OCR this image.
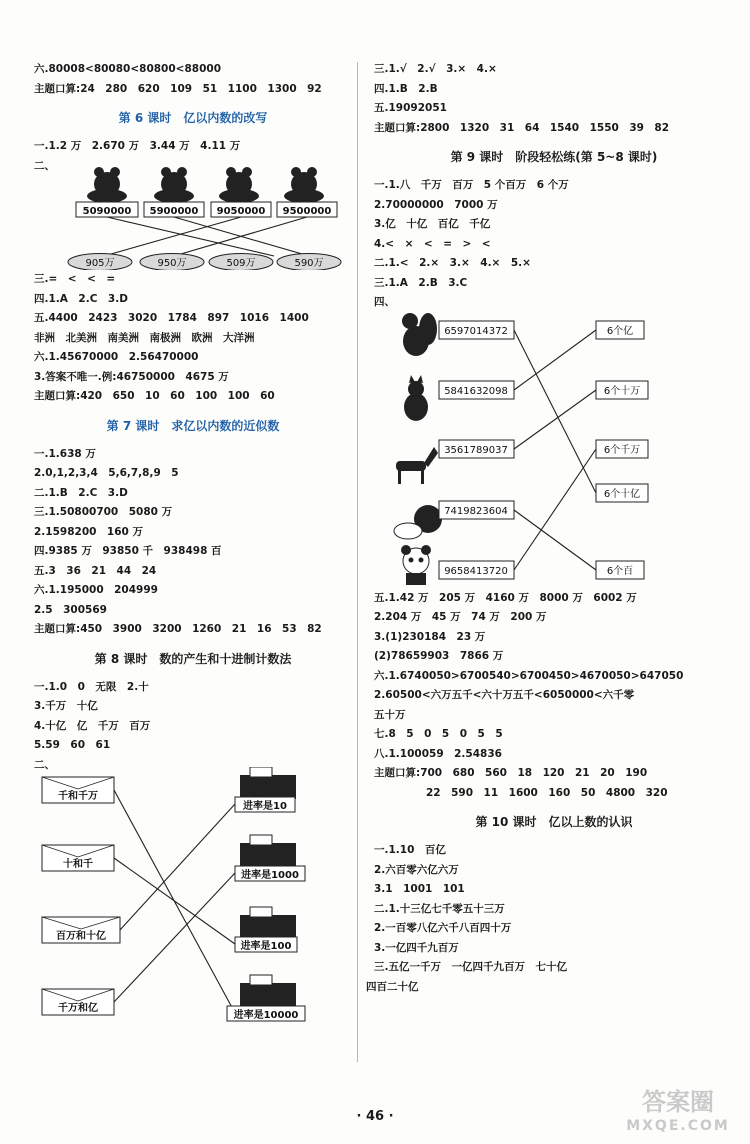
六.80008<80080<80800<88000
主题口算:24　280　620　109　51　1100　1300　92
第 6 课时　亿以内数的改写
一.1.2 万　2.670 万　3.44 万　4.11 万
二、
5090000 5900000 9050000 9500000
905万	950万	509万	590万
三.=　<　<　=
四.1.A　2.C　3.D
五.4400　2423　3020　1784　897　1016　1400
非洲　北美洲　南美洲　南极洲　欧洲　大洋洲
六.1.45670000　2.56470000
3.答案不唯一.例:46750000　4675 万
主题口算:420　650　10　60　100　100　60
第 7 课时　求亿以内数的近似数
一.1.638 万
2.0,1,2,3,4　5,6,7,8,9　5
二.1.B　2.C　3.D
三.1.50800700　5080 万
2.1598200　160 万
四.9385 万　93850 千　938498 百
五.3　36　21　44　24
六.1.195000　204999
2.5　300569
主题口算:450　3900　3200　1260　21　16　53　82
第 8 课时　数的产生和十进制计数法
一.1.0　0　无限　2.十
3.千万　十亿
4.十亿　亿　千万　百万
5.59　60　61
二、
千和千万
十和千
百万和十亿
千万和亿
进率是10
进率是1000
进率是100
进率是10000
三.1.√　2.√　3.×　4.×
四.1.B　2.B
五.19092051
主题口算:2800　1320　31　64　1540　1550　39　82
第 9 课时　阶段轻松练(第 5~8 课时)
一.1.八　千万　百万　5 个百万　6 个万
2.70000000　7000 万
3.亿　十亿　百亿　千亿
4.<　×　<　=　>　<
二.1.<　2.×　3.×　4.×　5.×
三.1.A　2.B　3.C
四、
6597014372
5841632098
3561789037
7419823604
9658413720
6个亿
6个十万
6个千万
6个十亿
6个百
五.1.42 万　205 万　4160 万　8000 万　6002 万
2.204 万　45 万　74 万　200 万
3.(1)230184　23 万
(2)78659903　7866 万
六.1.6740050>6700540>6700450>4670050>647050
2.60500<六万五千<六十万五千<6050000<六千零
五十万
七.8　5　0　5　0　5　5
八.1.100059　2.54836
主题口算:700　680　560　18　120　21　20　190
22　590　11　1600　160　50　4800　320
第 10 课时　亿以上数的认识
一.1.10　百亿
2.六百零六亿六万
3.1　1001　101
二.1.十三亿七千零五十三万
2.一百零八亿六千八百四十万
3.一亿四千九百万
三.五亿一千万　一亿四千九百万　七十亿
四百二十亿
· 46 ·
答案圈
MXQE.COM
